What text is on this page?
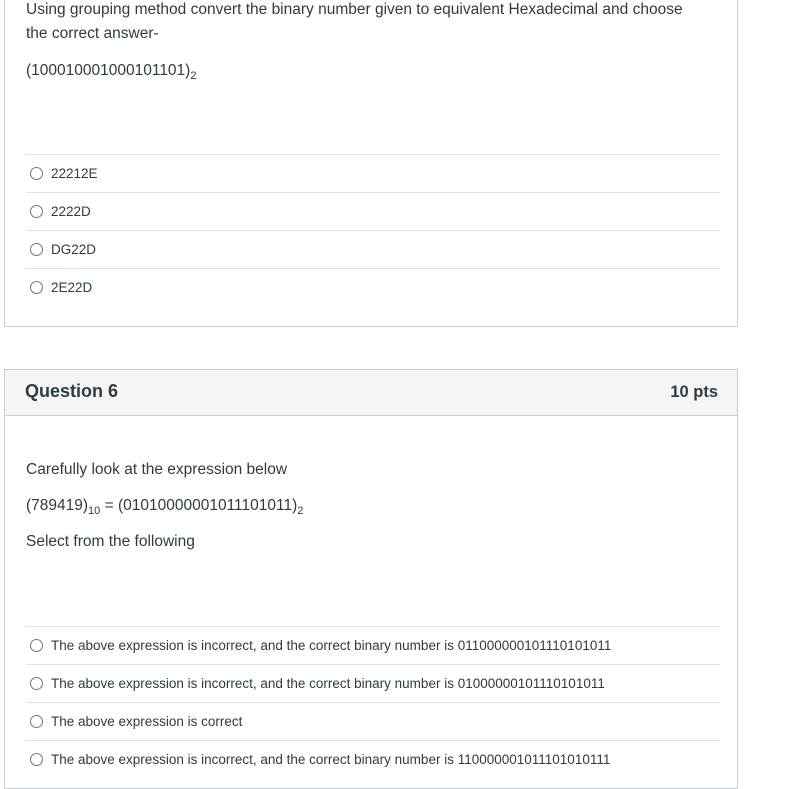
Using grouping method convert the binary number given to equivalent Hexadecimal and choose
the correct answer-

$(100010001000101101)_2$

22212E
2222D
DG22D
2E22D
Question 6	10 pts

Carefully look at the expression below

$(789419)_{10} = (01010000001011101011)_2$

Select from the following

The above expression is incorrect, and the correct binary number is 011000000101110101011
The above expression is incorrect, and the correct binary number is 01000000101110101011
The above expression is correct
The above expression is incorrect, and the correct binary number is 110000001011101010111
